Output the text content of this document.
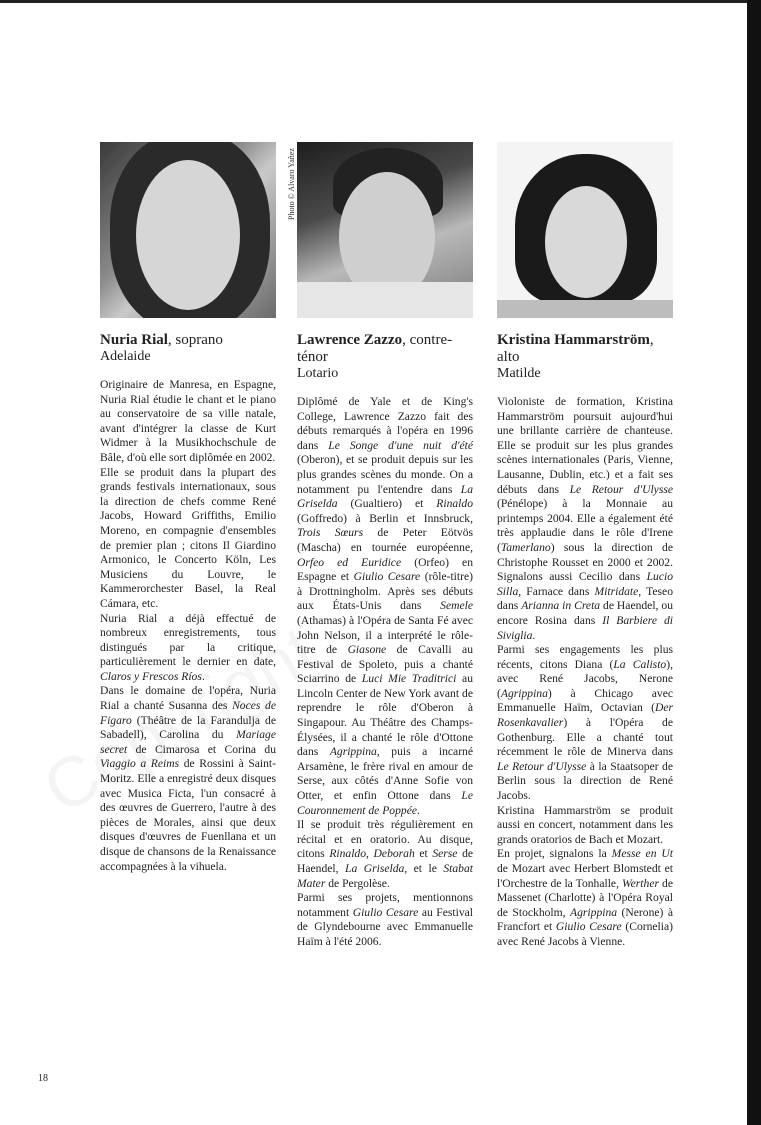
Nuria Rial, soprano
Adelaide

Originaire de Manresa, en Espagne, Nuria Rial étudie le chant et le piano au conservatoire de sa ville natale, avant d'intégrer la classe de Kurt Widmer à la Musikhochschule de Bâle, d'où elle sort diplômée en 2002.

Elle se produit dans la plupart des grands festivals internationaux, sous la direction de chefs comme René Jacobs, Howard Griffiths, Emilio Moreno, en compagnie d'ensembles de premier plan ; citons Il Giardino Armonico, le Concerto Köln, Les Musiciens du Louvre, le Kammerorchester Basel, la Real Cámara, etc.

Nuria Rial a déjà effectué de nombreux enregistrements, tous distingués par la critique, particulièrement le dernier en date, Claros y Frescos Ríos.

Dans le domaine de l'opéra, Nuria Rial a chanté Susanna des Noces de Figaro (Théâtre de la Farandulja de Sabadell), Carolina du Mariage secret de Cimarosa et Corina du Viaggio a Reims de Rossini à Saint-Moritz. Elle a enregistré deux disques avec Musica Ficta, l'un consacré à des œuvres de Guerrero, l'autre à des pièces de Morales, ainsi que deux disques d'œuvres de Fuenllana et un disque de chansons de la Renaissance accompagnées à la vihuela.

Lawrence Zazzo, contre-ténor
Lotario

Diplômé de Yale et de King's College, Lawrence Zazzo fait des débuts remarqués à l'opéra en 1996 dans Le Songe d'une nuit d'été (Oberon), et se produit depuis sur les plus grandes scènes du monde. On a notamment pu l'entendre dans La Griselda (Gualtiero) et Rinaldo (Goffredo) à Berlin et Innsbruck, Trois Sœurs de Peter Eötvös (Mascha) en tournée européenne, Orfeo ed Euridice (Orfeo) en Espagne et Giulio Cesare (rôle-titre) à Drottningholm. Après ses débuts aux États-Unis dans Semele (Athamas) à l'Opéra de Santa Fé avec John Nelson, il a interprété le rôle-titre de Giasone de Cavalli au Festival de Spoleto, puis a chanté Sciarrino de Luci Mie Traditrici au Lincoln Center de New York avant de reprendre le rôle d'Oberon à Singapour. Au Théâtre des Champs-Élysées, il a chanté le rôle d'Ottone dans Agrippina, puis a incarné Arsamène, le frère rival en amour de Serse, aux côtés d'Anne Sofie von Otter, et enfin Ottone dans Le Couronnement de Poppée.

Il se produit très régulièrement en récital et en oratorio. Au disque, citons Rinaldo, Deborah et Serse de Haendel, La Griselda, et le Stabat Mater de Pergolèse.

Parmi ses projets, mentionnons notamment Giulio Cesare au Festival de Glyndebourne avec Emmanuelle Haïm à l'été 2006.

Photo © Alvaro Yañez
Kristina Hammarström, alto
Matilde

Violoniste de formation, Kristina Hammarström poursuit aujourd'hui une brillante carrière de chanteuse. Elle se produit sur les plus grandes scènes internationales (Paris, Vienne, Lausanne, Dublin, etc.) et a fait ses débuts dans Le Retour d'Ulysse (Pénélope) à la Monnaie au printemps 2004. Elle a également été très applaudie dans le rôle d'Irene (Tamerlano) sous la direction de Christophe Rousset en 2000 et 2002. Signalons aussi Cecilio dans Lucio Silla, Farnace dans Mitridate, Teseo dans Arianna in Creta de Haendel, ou encore Rosina dans Il Barbiere di Siviglia.

Parmi ses engagements les plus récents, citons Diana (La Calisto), avec René Jacobs, Nerone (Agrippina) à Chicago avec Emmanuelle Haïm, Octavian (Der Rosenkavalier) à l'Opéra de Gothenburg. Elle a chanté tout récemment le rôle de Minerva dans Le Retour d'Ulysse à la Staatsoper de Berlin sous la direction de René Jacobs.

Kristina Hammarström se produit aussi en concert, notamment dans les grands oratorios de Bach et Mozart.

En projet, signalons la Messe en Ut de Mozart avec Herbert Blomstedt et l'Orchestre de la Tonhalle, Werther de Massenet (Charlotte) à l'Opéra Royal de Stockholm, Agrippina (Nerone) à Francfort et Giulio Cesare (Cornelia) avec René Jacobs à Vienne.

18
